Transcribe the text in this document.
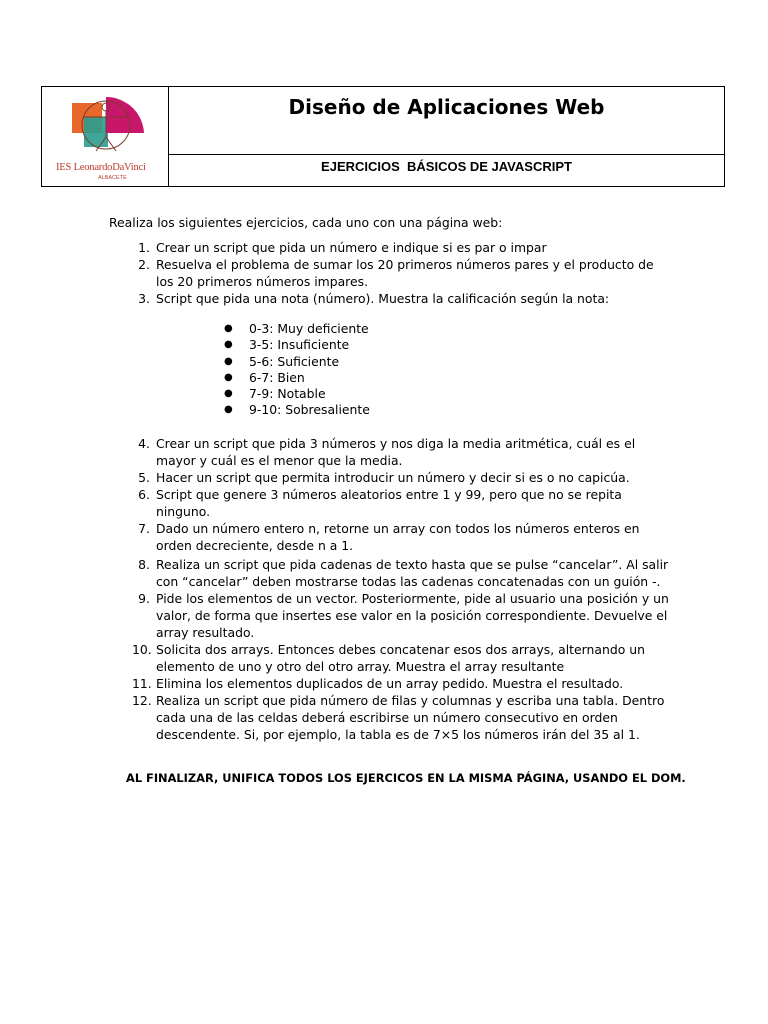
IES LeonardoDaVinci
ALBACETE
Diseño de Aplicaciones Web
EJERCICIOS  BÁSICOS DE JAVASCRIPT

Realiza los siguientes ejercicios, cada uno con una página web:

1. Crear un script que pida un número e indique si es par o impar
2. Resuelva el problema de sumar los 20 primeros números pares y el producto de los 20 primeros números impares.
3. Script que pida una nota (número). Muestra la calificación según la nota:
● 0-3: Muy deficiente
● 3-5: Insuficiente
● 5-6: Suficiente
● 6-7: Bien
● 7-9: Notable
● 9-10: Sobresaliente
4. Crear un script que pida 3 números y nos diga la media aritmética, cuál es el mayor y cuál es el menor que la media.
5. Hacer un script que permita introducir un número y decir si es o no capicúa.
6. Script que genere 3 números aleatorios entre 1 y 99, pero que no se repita ninguno.
7. Dado un número entero n, retorne un array con todos los números enteros en orden decreciente, desde n a 1.
8. Realiza un script que pida cadenas de texto hasta que se pulse “cancelar”. Al salir con “cancelar” deben mostrarse todas las cadenas concatenadas con un guión -.
9. Pide los elementos de un vector. Posteriormente, pide al usuario una posición y un valor, de forma que insertes ese valor en la posición correspondiente. Devuelve el array resultado.
10. Solicita dos arrays. Entonces debes concatenar esos dos arrays, alternando un elemento de uno y otro del otro array. Muestra el array resultante
11. Elimina los elementos duplicados de un array pedido. Muestra el resultado.
12. Realiza un script que pida número de filas y columnas y escriba una tabla. Dentro cada una de las celdas deberá escribirse un número consecutivo en orden descendente. Si, por ejemplo, la tabla es de 7×5 los números irán del 35 al 1.
AL FINALIZAR, UNIFICA TODOS LOS EJERCICOS EN LA MISMA PÁGINA, USANDO EL DOM.
